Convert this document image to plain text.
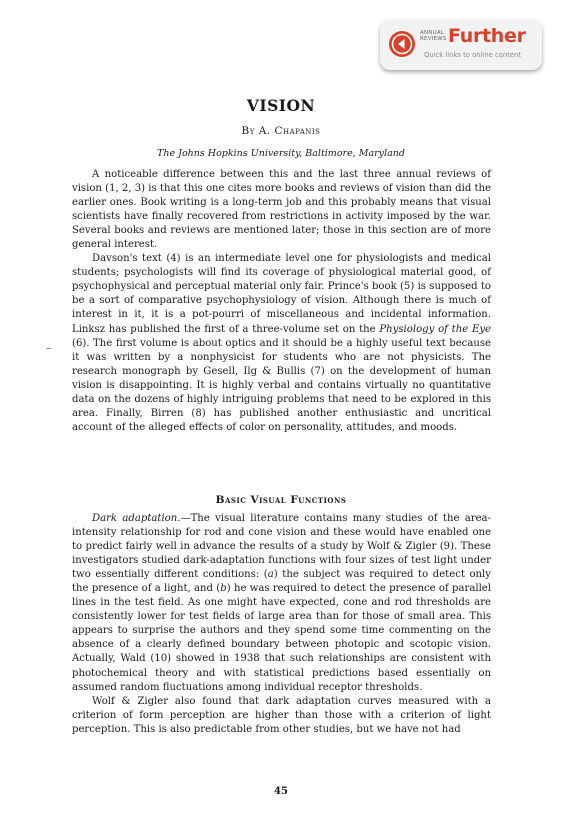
ANNUAL
REVIEWS Further
Quick links to online content
VISION
By A. Chapanis
The Johns Hopkins University, Baltimore, Maryland

A noticeable difference between this and the last three annual reviews of vision (1, 2, 3) is that this one cites more books and reviews of vision than did the earlier ones. Book writing is a long-term job and this probably means that visual scientists have finally recovered from restrictions in activity imposed by the war. Several books and reviews are mentioned later; those in this section are of more general interest.

Davson's text (4) is an intermediate level one for physiologists and medical students; psychologists will find its coverage of physiological material good, of psychophysical and perceptual material only fair. Prince's book (5) is supposed to be a sort of comparative psychophysiology of vision. Although there is much of interest in it, it is a pot-pourri of miscellaneous and incidental information. Linksz has published the first of a three-volume set on the Physiology of the Eye (6). The first volume is about optics and it should be a highly useful text because it was written by a nonphysicist for students who are not physicists. The research monograph by Gesell, Ilg & Bullis (7) on the development of human vision is disappointing. It is highly verbal and contains virtually no quantitative data on the dozens of highly intriguing problems that need to be explored in this area. Finally, Birren (8) has published another enthusiastic and uncritical account of the alleged effects of color on personality, attitudes, and moods.

Basic Visual Functions

Dark adaptation.—The visual literature contains many studies of the area-intensity relationship for rod and cone vision and these would have enabled one to predict fairly well in advance the results of a study by Wolf & Zigler (9). These investigators studied dark-adaptation functions with four sizes of test light under two essentially different conditions: (a) the subject was required to detect only the presence of a light, and (b) he was required to detect the presence of parallel lines in the test field. As one might have expected, cone and rod thresholds are consistently lower for test fields of large area than for those of small area. This appears to surprise the authors and they spend some time commenting on the absence of a clearly defined boundary between photopic and scotopic vision. Actually, Wald (10) showed in 1938 that such relationships are consistent with photochemical theory and with statistical predictions based essentially on assumed random fluctuations among individual receptor thresholds.

Wolf & Zigler also found that dark adaptation curves measured with a criterion of form perception are higher than those with a criterion of light perception. This is also predictable from other studies, but we have not had

45
